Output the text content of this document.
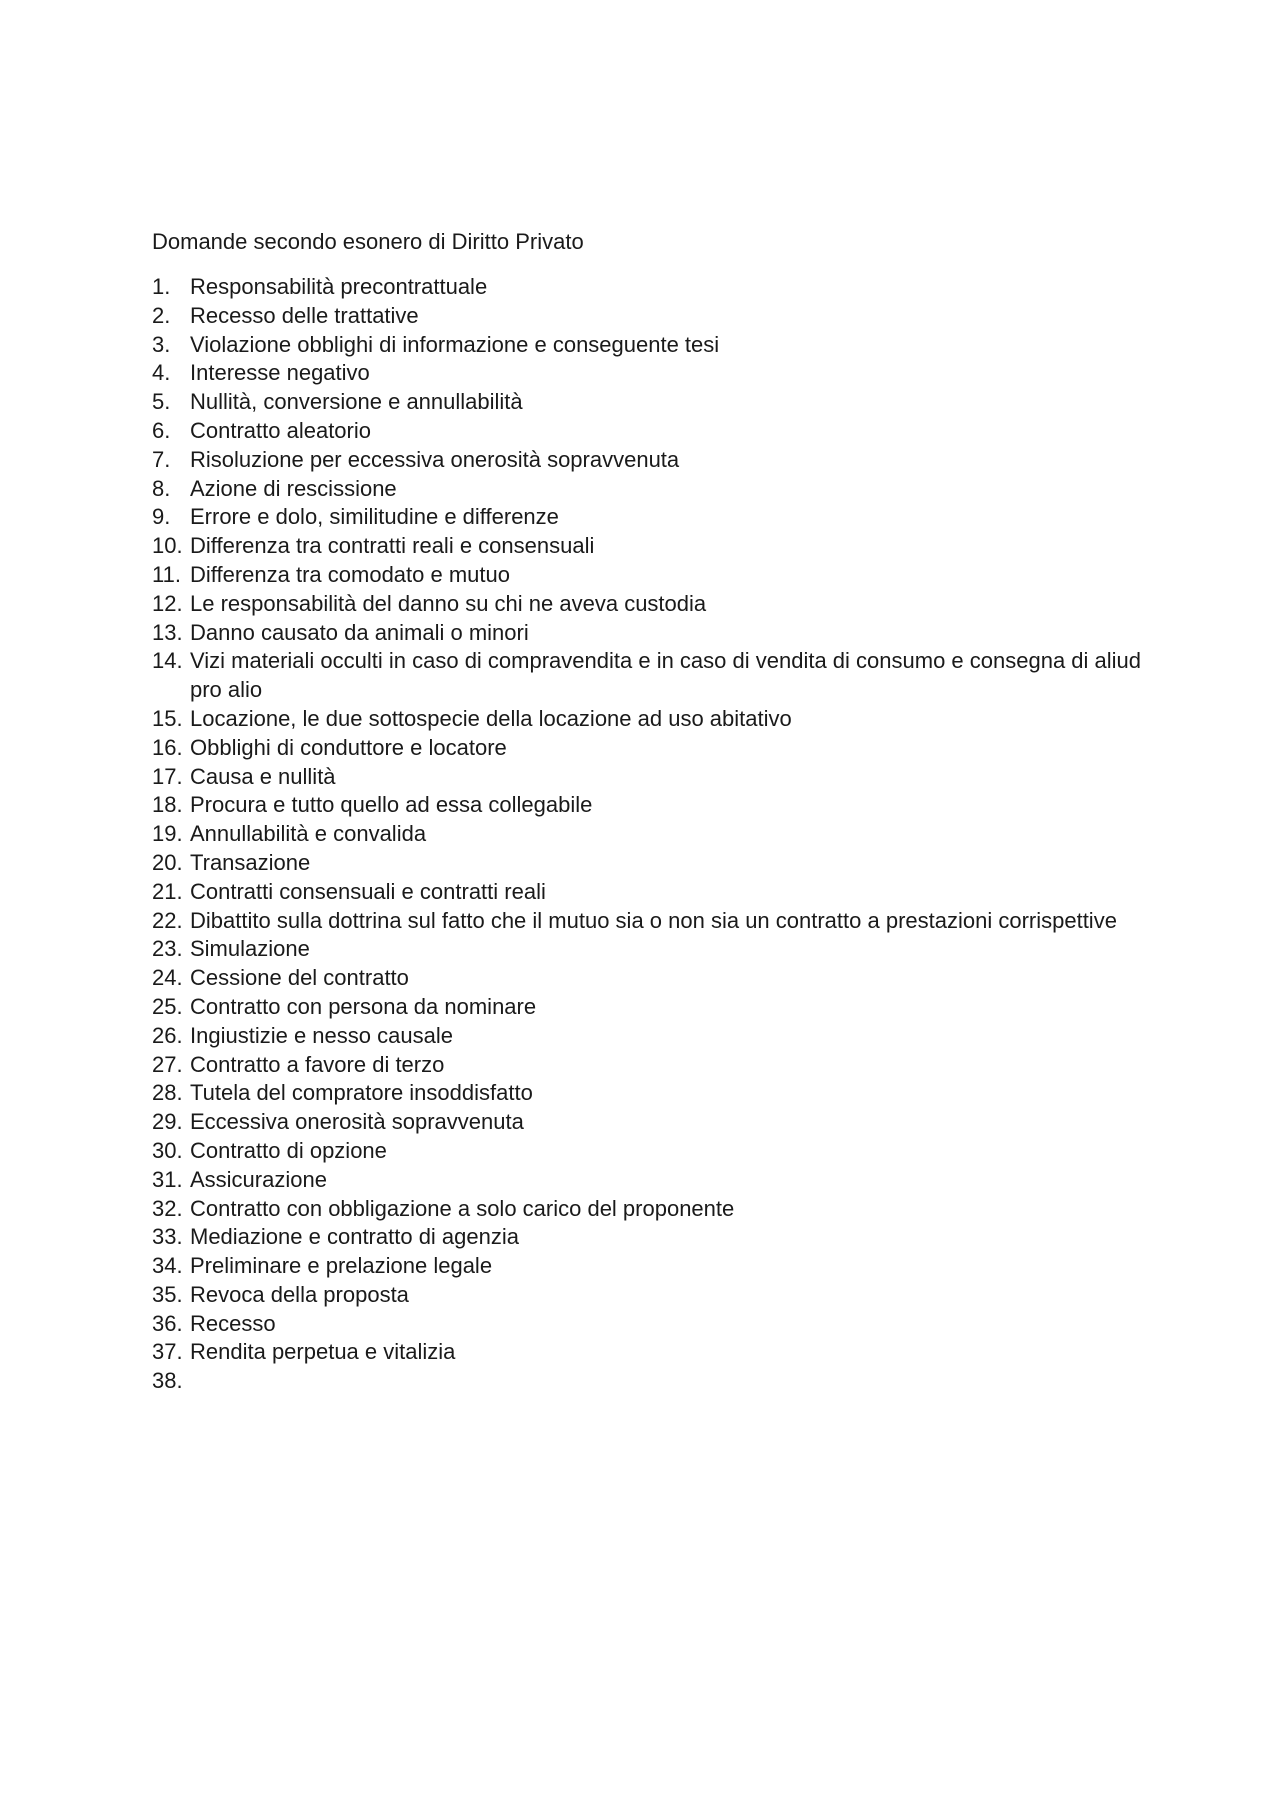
Domande secondo esonero di Diritto Privato
1. Responsabilità precontrattuale
2. Recesso delle trattative
3. Violazione obblighi di informazione e conseguente tesi
4. Interesse negativo
5. Nullità, conversione e annullabilità
6. Contratto aleatorio
7. Risoluzione per eccessiva onerosità sopravvenuta
8. Azione di rescissione
9. Errore e dolo, similitudine e differenze
10. Differenza tra contratti reali e consensuali
11. Differenza tra comodato e mutuo
12. Le responsabilità del danno su chi ne aveva custodia
13. Danno causato da animali o minori
14. Vizi materiali occulti in caso di compravendita e in caso di vendita di consumo e consegna di aliud pro alio
15. Locazione, le due sottospecie della locazione ad uso abitativo
16. Obblighi di conduttore e locatore
17. Causa e nullità
18. Procura e tutto quello ad essa collegabile
19. Annullabilità e convalida
20. Transazione
21. Contratti consensuali e contratti reali
22. Dibattito sulla dottrina sul fatto che il mutuo sia o non sia un contratto a prestazioni corrispettive
23. Simulazione
24. Cessione del contratto
25. Contratto con persona da nominare
26. Ingiustizie e nesso causale
27. Contratto a favore di terzo
28. Tutela del compratore insoddisfatto
29. Eccessiva onerosità sopravvenuta
30. Contratto di opzione
31. Assicurazione
32. Contratto con obbligazione a solo carico del proponente
33. Mediazione e contratto di agenzia
34. Preliminare e prelazione legale
35. Revoca della proposta
36. Recesso
37. Rendita perpetua e vitalizia
38.
